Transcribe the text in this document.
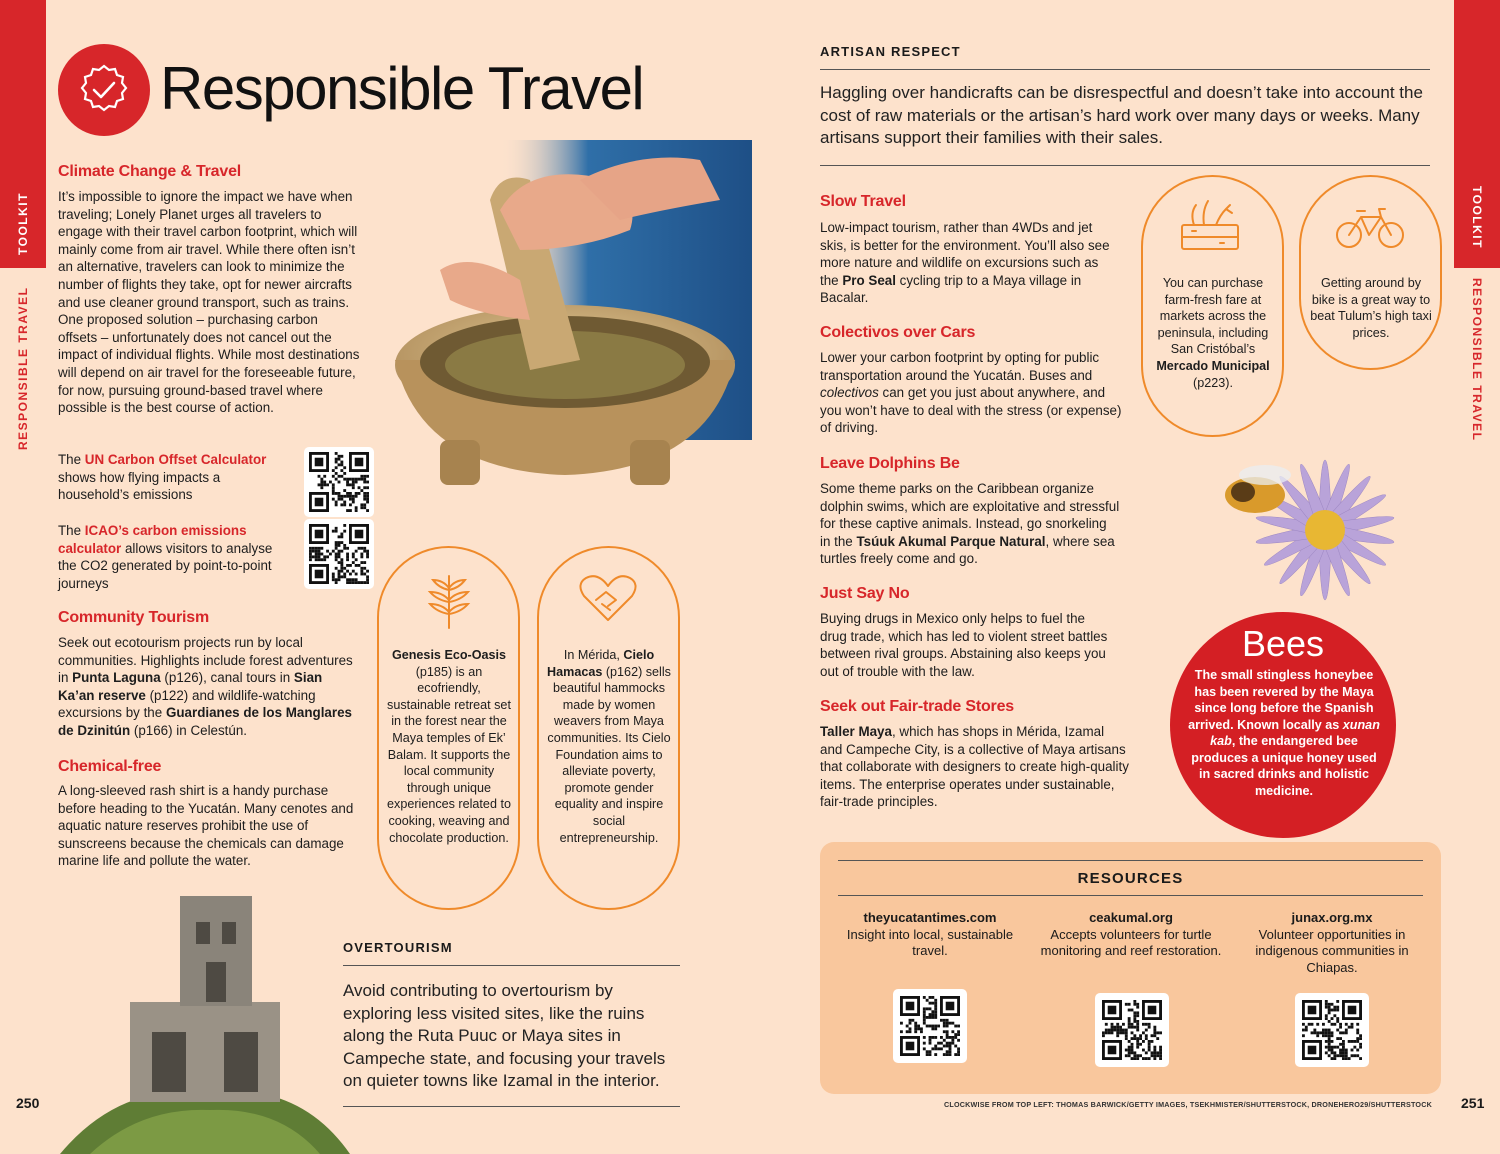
TOOLKIT
RESPONSIBLE TRAVEL
TOOLKIT
RESPONSIBLE TRAVEL
Responsible Travel
Climate Change & Travel
It’s impossible to ignore the impact we have when traveling; Lonely Planet urges all travelers to engage with their travel carbon footprint, which will mainly come from air travel. While there often isn’t an alternative, travelers can look to minimize the number of flights they take, opt for newer aircrafts and use cleaner ground transport, such as trains. One proposed solution – purchasing carbon offsets – unfortunately does not cancel out the impact of individual flights. While most destinations will depend on air travel for the foreseeable future, for now, pursuing ground-based travel where possible is the best course of action.
The UN Carbon Offset Calculator shows how flying impacts a household’s emissions
The ICAO’s carbon emissions calculator allows visitors to analyse the CO2 generated by point-to-point journeys
Community Tourism
Seek out ecotourism projects run by local communities. Highlights include forest adventures in Punta Laguna (p126), canal tours in Sian Ka’an reserve (p122) and wildlife-watching excursions by the Guardianes de los Manglares de Dzinitún (p166) in Celestún.
Chemical-free
A long-sleeved rash shirt is a handy purchase before heading to the Yucatán. Many cenotes and aquatic nature reserves prohibit the use of sunscreens because the chemicals can damage marine life and pollute the water.
Genesis Eco-Oasis (p185) is an ecofriendly, sustainable retreat set in the forest near the Maya temples of Ek’ Balam. It supports the local community through unique experiences related to cooking, weaving and chocolate production.
In Mérida, Cielo Hamacas (p162) sells beautiful hammocks made by women weavers from Maya communities. Its Cielo Foundation aims to alleviate poverty, promote gender equality and inspire social entrepreneurship.
OVERTOURISM
Avoid contributing to overtourism by exploring less visited sites, like the ruins along the Ruta Puuc or Maya sites in Campeche state, and focusing your travels on quieter towns like Izamal in the interior.
250
ARTISAN RESPECT
Haggling over handicrafts can be disrespectful and doesn’t take into account the cost of raw materials or the artisan’s hard work over many days or weeks. Many artisans support their families with their sales.
Slow Travel
Low-impact tourism, rather than 4WDs and jet skis, is better for the environment. You’ll also see more nature and wildlife on excursions such as the Pro Seal cycling trip to a Maya village in Bacalar.
Colectivos over Cars
Lower your carbon footprint by opting for public transportation around the Yucatán. Buses and colectivos can get you just about anywhere, and you won’t have to deal with the stress (or expense) of driving.
Leave Dolphins Be
Some theme parks on the Caribbean organize dolphin swims, which are exploitative and stressful for these captive animals. Instead, go snorkeling in the Tsúuk Akumal Parque Natural, where sea turtles freely come and go.
Just Say No
Buying drugs in Mexico only helps to fuel the drug trade, which has led to violent street battles between rival groups. Abstaining also keeps you out of trouble with the law.
Seek out Fair-trade Stores
Taller Maya, which has shops in Mérida, Izamal and Campeche City, is a collective of Maya artisans that collaborate with designers to create high-quality items. The enterprise operates under sustainable, fair-trade principles.
You can purchase farm-fresh fare at markets across the peninsula, including San Cristóbal’s Mercado Municipal (p223).
Getting around by bike is a great way to beat Tulum’s high taxi prices.
Bees
The small stingless honeybee has been revered by the Maya since long before the Spanish arrived. Known locally as xunan kab, the endangered bee produces a unique honey used in sacred drinks and holistic medicine.
RESOURCES
theyucatantimes.com
Insight into local, sustainable travel.
ceakumal.org
Accepts volunteers for turtle monitoring and reef restoration.
junax.org.mx
Volunteer opportunities in indigenous communities in Chiapas.
CLOCKWISE FROM TOP LEFT: THOMAS BARWICK/GETTY IMAGES, TSEKHMISTER/SHUTTERSTOCK, DRONEHERO29/SHUTTERSTOCK 251
